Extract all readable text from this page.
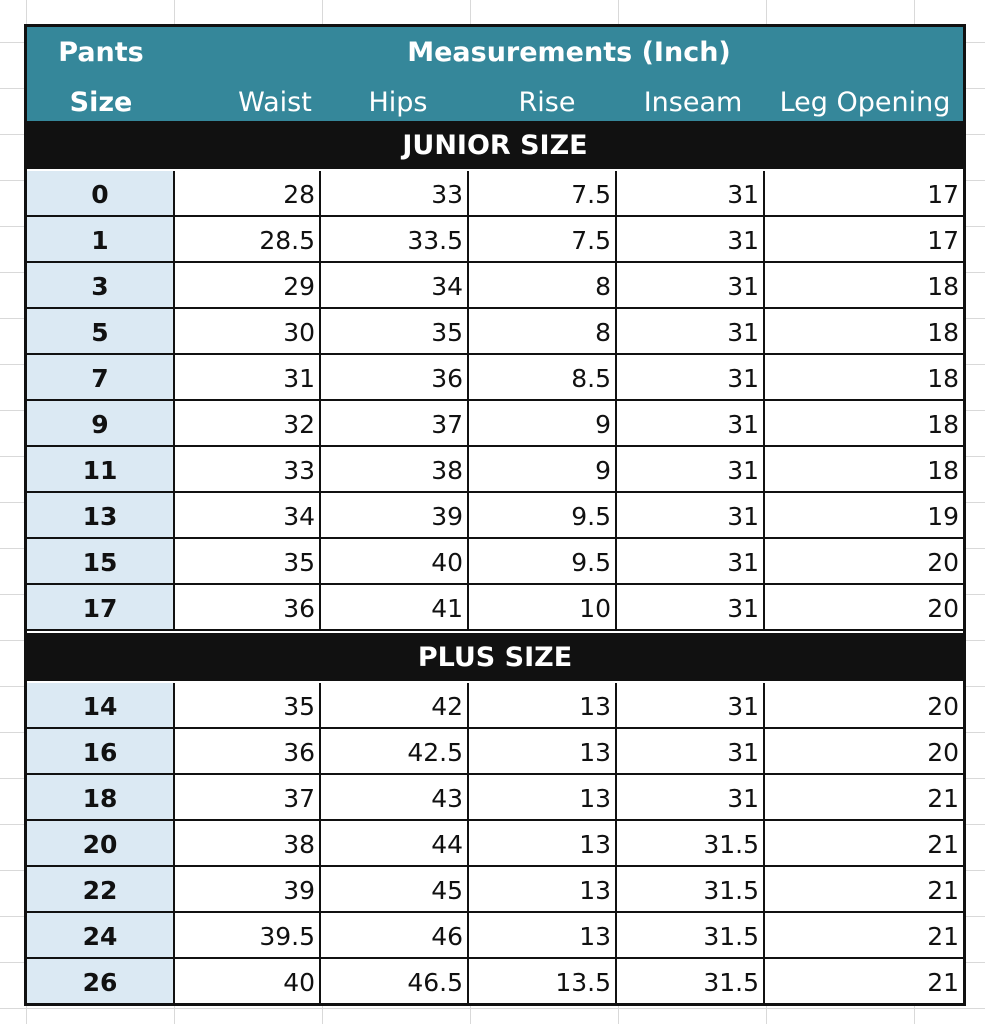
Pants
Size
Measurements (Inch)
Waist	Hips	Rise	Inseam	Leg Opening
JUNIOR SIZE
0	28	33	7.5	31	17
1	28.5	33.5	7.5	31	17
3	29	34	8	31	18
5	30	35	8	31	18
7	31	36	8.5	31	18
9	32	37	9	31	18
11	33	38	9	31	18
13	34	39	9.5	31	19
15	35	40	9.5	31	20
17	36	41	10	31	20
PLUS SIZE
14	35	42	13	31	20
16	36	42.5	13	31	20
18	37	43	13	31	21
20	38	44	13	31.5	21
22	39	45	13	31.5	21
24	39.5	46	13	31.5	21
26	40	46.5	13.5	31.5	21
